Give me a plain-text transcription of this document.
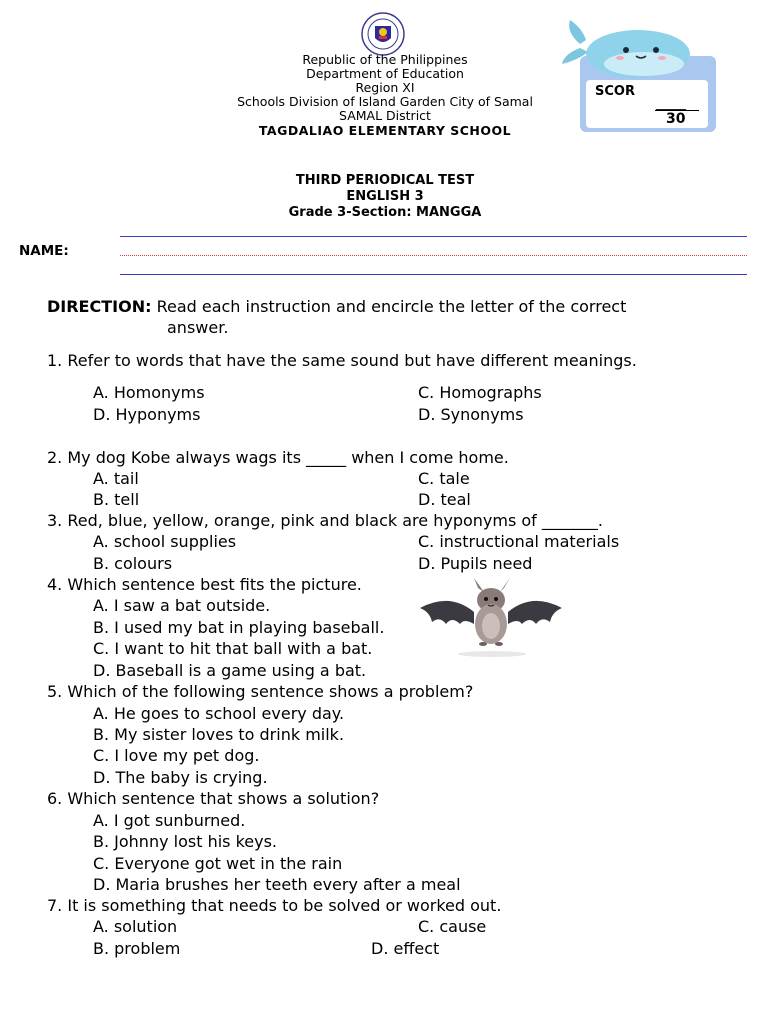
Republic of the Philippines
Department of Education
Region XI
Schools Division of Island Garden City of Samal
SAMAL District
TAGDALIAO ELEMENTARY SCHOOL
SCOR
_____
30
THIRD PERIODICAL TEST
ENGLISH 3
Grade 3-Section: MANGGA
NAME:
DIRECTION: Read each instruction and encircle the letter of the correct
answer.
1. Refer to words that have the same sound but have different meanings.
A. Homonyms	C. Homographs
D. Hyponyms	D. Synonyms
2. My dog Kobe always wags its _____ when I come home.
A. tail	C. tale
B. tell	D. teal
3. Red, blue, yellow, orange, pink and black are hyponyms of _______.
A. school supplies	C. instructional materials
B. colours	D. Pupils need
4. Which sentence best fits the picture.
A. I saw a bat outside.
B. I used my bat in playing baseball.
C. I want to hit that ball with a bat.
D. Baseball is a game using a bat.
5. Which of the following sentence shows a problem?
A. He goes to school every day.
B. My sister loves to drink milk.
C. I love my pet dog.
D. The baby is crying.
6. Which sentence that shows a solution?
A. I got sunburned.
B. Johnny lost his keys.
C. Everyone got wet in the rain
D. Maria brushes her teeth every after a meal
7. It is something that needs to be solved or worked out.
A. solution	C. cause
B. problem	D. effect
